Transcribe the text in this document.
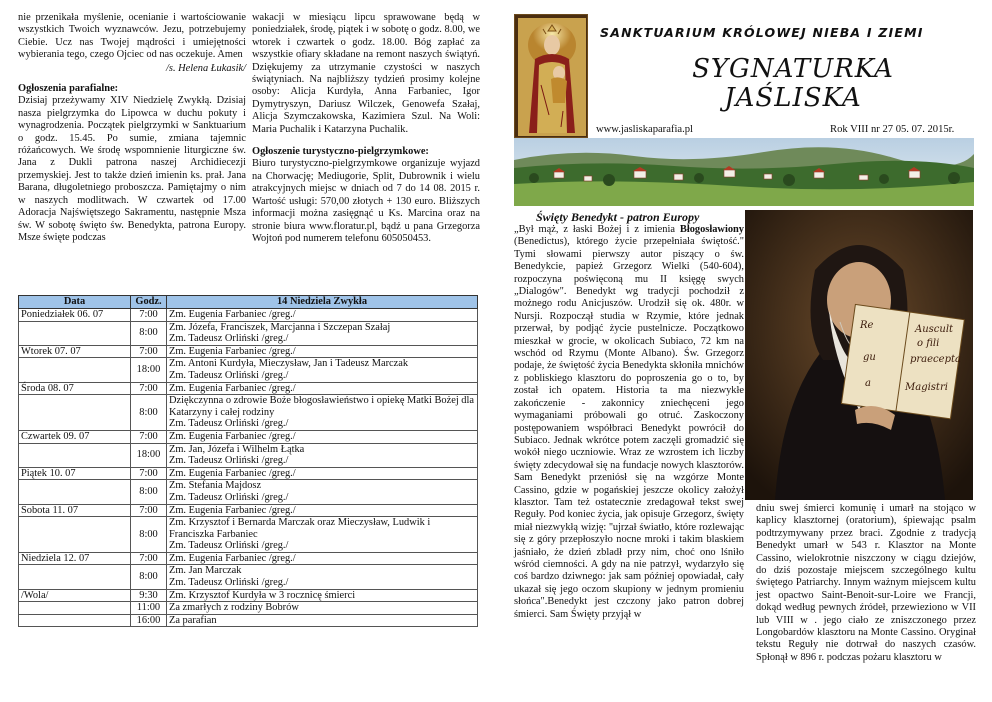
nie przenikała myślenie, ocenianie i wartościowanie wszystkich Twoich wyznawców. Jezu, potrzebujemy Ciebie. Ucz nas Twojej mądrości i umiejętności wybierania tego, czego Ojciec od nas oczekuje. Amen

/s. Helena Łukasik/

Ogłoszenia parafialne:

Dzisiaj przeżywamy XIV Niedzielę Zwykłą. Dzisiaj nasza pielgrzymka do Lipowca w duchu pokuty i wynagrodzenia. Początek pielgrzymki w Sanktuarium o godz. 15.45. Po sumie, zmiana tajemnic różańcowych. We środę wspomnienie liturgiczne św. Jana z Dukli patrona naszej Archidiecezji przemyskiej. Jest to także dzień imienin ks. prał. Jana Barana, długoletniego proboszcza. Pamiętajmy o nim w naszych modlitwach. W czwartek od 17.00 Adoracja Najświętszego Sakramentu, następnie Msza św. W sobotę święto św. Benedykta, patrona Europy. Msze święte podczas

wakacji w miesiącu lipcu sprawowane będą w poniedziałek, środę, piątek i w sobotę o godz. 8.00, we wtorek i czwartek o godz. 18.00. Bóg zapłać za wszystkie ofiary składane na remont naszych świątyń. Dziękujemy za utrzymanie czystości w naszych świątyniach. Na najbliższy tydzień prosimy kolejne osoby: Alicja Kurdyła, Anna Farbaniec, Igor Dymytryszyn, Dariusz Wilczek, Genowefa Szałaj, Alicja Szymczakowska, Kazimiera Szul. Na Woli: Maria Puchalik i Katarzyna Puchalik.

Ogłoszenie turystyczno-pielgrzymkowe:

Biuro turystyczno-pielgrzymkowe organizuje wyjazd na Chorwację; Mediugorie, Split, Dubrownik i wielu atrakcyjnych miejsc w dniach od 7 do 14 08. 2015 r. Wartość usługi: 570,00 złotych + 130 euro. Bliższych informacji można zasięgnąć u Ks. Marcina oraz na stronie biura www.floratur.pl, bądź u pana Grzegorza Wojtoń pod numerem telefonu 605050453.

Data	Godz.	14 Niedziela Zwykła
Poniedziałek 06. 07	7:00	Zm. Eugenia Farbaniec /greg./
	8:00	Zm. Józefa, Franciszek, Marcjanna i Szczepan Szałaj
Zm. Tadeusz Orliński /greg./
Wtorek 07. 07	7:00	Zm. Eugenia Farbaniec /greg./
	18:00	Zm. Antoni Kurdyła, Mieczysław, Jan i Tadeusz Marczak
Zm. Tadeusz Orliński /greg./
Środa 08. 07	7:00	Zm. Eugenia Farbaniec /greg./
	8:00	Dziękczynna o zdrowie Boże błogosławieństwo i opiekę Matki Bożej dla Katarzyny i całej rodziny
Zm. Tadeusz Orliński /greg./
Czwartek 09. 07	7:00	Zm. Eugenia Farbaniec /greg./
	18:00	Zm. Jan, Józefa i Wilhelm Łątka
Zm. Tadeusz Orliński /greg./
Piątek 10. 07	7:00	Zm. Eugenia Farbaniec /greg./
	8:00	Zm. Stefania Majdosz
Zm. Tadeusz Orliński /greg./
Sobota 11. 07	7:00	Zm. Eugenia Farbaniec /greg./
	8:00	Zm. Krzysztof i Bernarda Marczak oraz Mieczysław, Ludwik i Franciszka Farbaniec
Zm. Tadeusz Orliński /greg./
Niedziela 12. 07	7:00	Zm. Eugenia Farbaniec /greg./
	8:00	Zm. Jan Marczak
Zm. Tadeusz Orliński /greg./
/Wola/	9:30	Zm. Krzysztof Kurdyła w 3 rocznicę śmierci
	11:00	Za zmarłych z rodziny Bobrów
	16:00	Za parafian
SANKTUARIUM KRÓLOWEJ NIEBA I ZIEMI
SYGNATURKA
JAŚLISKA
www.jasliskaparafia.pl	Rok VIII nr 27 05. 07. 2015r.
Święty Benedykt - patron Europy

„Był mąż, z łaski Bożej i z imienia Błogosławiony (Benedictus), którego życie przepełniała świętość." Tymi słowami pierwszy autor piszący o św. Benedykcie, papież Grzegorz Wielki (540-604), rozpoczyna poświęconą mu II księgę swych „Dialogów". Benedykt wg tradycji pochodził z możnego rodu Anicjuszów. Urodził się ok. 480r. w Nursji. Rozpoczął studia w Rzymie, które jednak przerwał, by podjąć życie pustelnicze. Początkowo mieszkał w grocie, w okolicach Subiaco, 72 km na wschód od Rzymu (Monte Albano). Św. Grzegorz podaje, że świętość życia Benedykta skłoniła mnichów z pobliskiego klasztoru do poproszenia go o to, by został ich opatem. Historia ta ma niezwykłe zakończenie - zakonnicy zniechęceni jego wymaganiami próbowali go otruć. Zaskoczony postępowaniem współbraci Benedykt powrócił do Subiaco. Jednak wkrótce potem zaczęli gromadzić się wokół niego uczniowie. Wraz ze wzrostem ich liczby święty zdecydował się na fundacje nowych klasztorów. Sam Benedykt przeniósł się na wzgórze Monte Cassino, gdzie w pogańskiej jeszcze okolicy założył klasztor. Tam też ostatecznie zredagował tekst swej Reguły. Pod koniec życia, jak opisuje Grzegorz, święty miał niezwykłą wizję: ''ujrzał światło, które rozlewając się z góry przepłoszyło nocne mroki i takim blaskiem jaśniało, że dzień zbladł przy nim, choć ono lśniło wśród ciemności. A gdy na nie patrzył, wydarzyło się coś bardzo dziwnego: jak sam później opowiadał, cały ukazał się jego oczom skupiony w jednym promieniu słońca".Benedykt jest czczony jako patron dobrej śmierci. Sam Święty przyjął w

Re	Auscult
o fili
gu	praecepta
a	Magistri

dniu swej śmierci komunię i umarł na stojąco w kaplicy klasztornej (oratorium), śpiewając psalm podtrzymywany przez braci. Zgodnie z tradycją Benedykt umarł w 543 r. Klasztor na Monte Cassino, wielokrotnie niszczony w ciągu dziejów, do dziś pozostaje miejscem szczególnego kultu świętego Patriarchy. Innym ważnym miejscem kultu jest opactwo Saint-Benoit-sur-Loire we Francji, dokąd według pewnych źródeł, przewieziono w VII lub VIII w . jego ciało ze zniszczonego przez Longobardów klasztoru na Monte Cassino. Oryginał tekstu Reguły nie dotrwał do naszych czasów. Spłonął w 896 r. podczas pożaru klasztoru w
